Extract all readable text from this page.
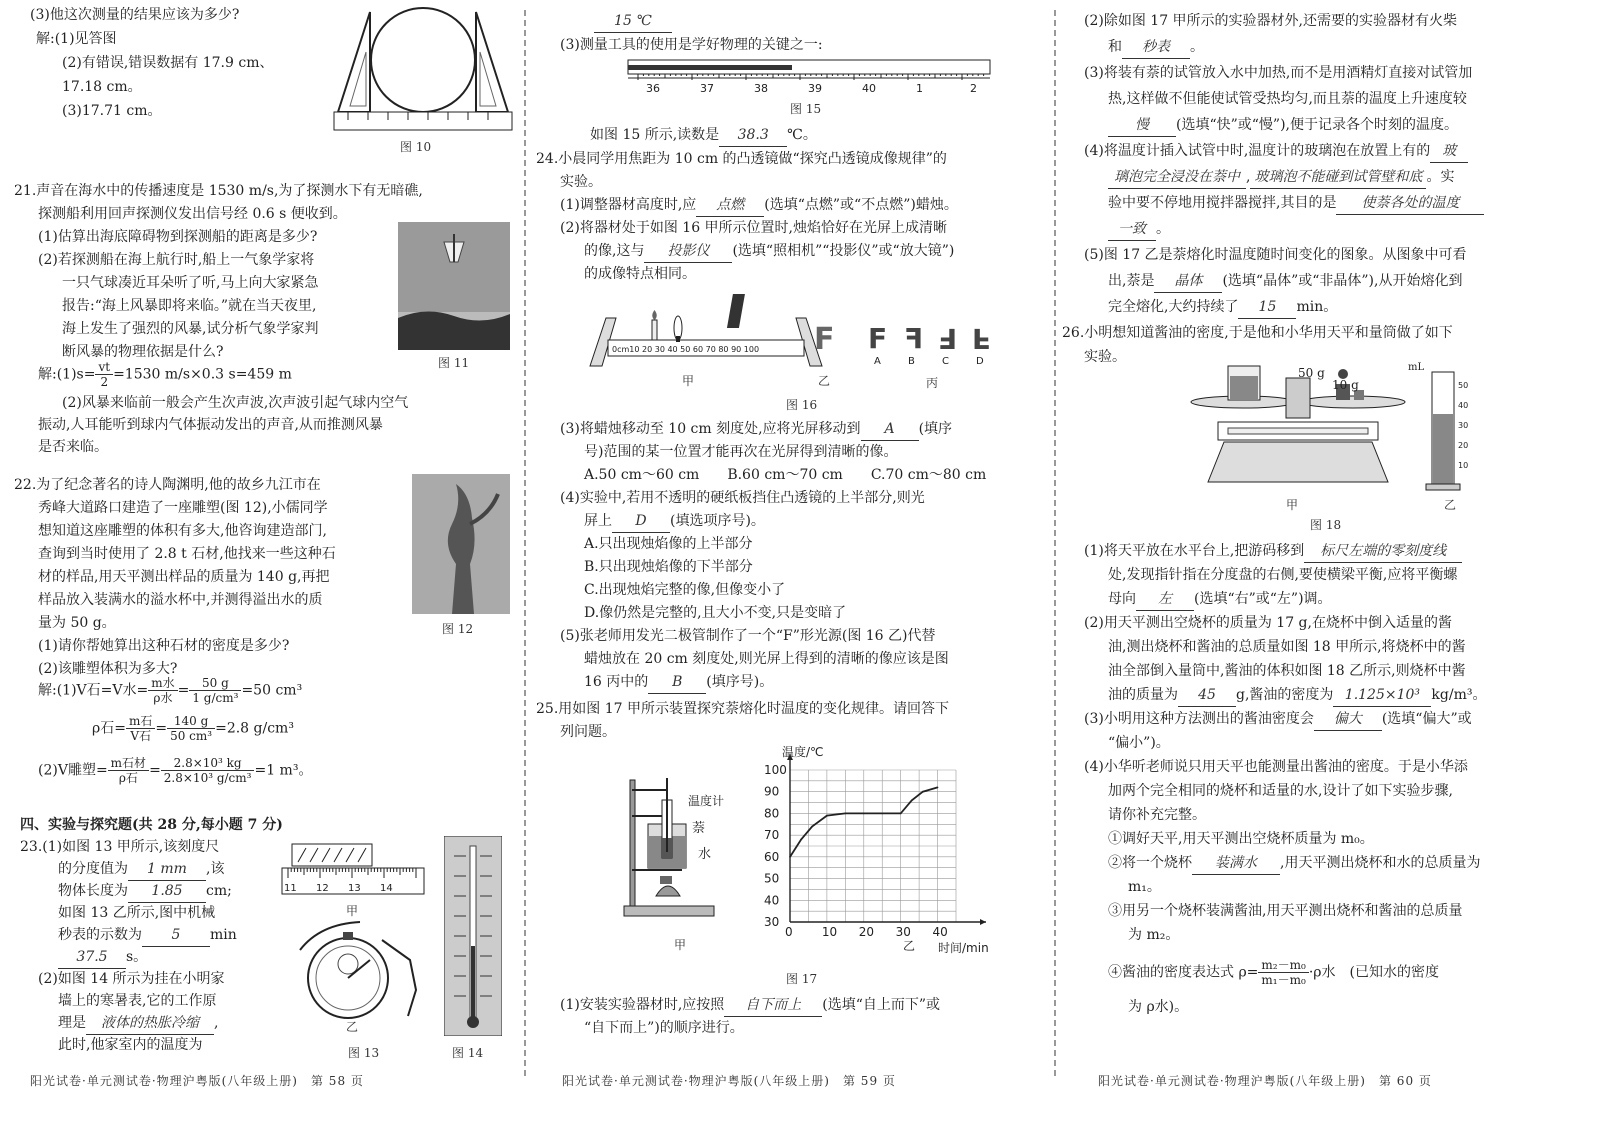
(3)他这次测量的结果应该为多少?
解:(1)见答图
(2)有错误,错误数据有 17.9 cm、
17.18 cm。
(3)17.71 cm。
图 10
21.声音在海水中的传播速度是 1530 m/s,为了探测水下有无暗礁,
探测船利用回声探测仪发出信号经 0.6 s 便收到。
(1)估算出海底障碍物到探测船的距离是多少?
(2)若探测船在海上航行时,船上一气象学家将
一只气球凑近耳朵听了听,马上向大家紧急
报告:“海上风暴即将来临。”就在当天夜里,
海上发生了强烈的风暴,试分析气象学家判
断风暴的物理依据是什么?
图 11
解:(1)s= $\frac{vt}{2} =1530$ m/s×0.3 s=459 m
(2)风暴来临前一般会产生次声波,次声波引起气球内空气
振动,人耳能听到球内气体振动发出的声音,从而推测风暴
是否来临。
22.为了纪念著名的诗人陶渊明,他的故乡九江市在
秀峰大道路口建造了一座雕塑(图 12),小儒同学
想知道这座雕塑的体积有多大,他咨询建造部门,
查询到当时使用了 2.8 t 石材,他找来一些这种石
材的样品,用天平测出样品的质量为 140 g,再把
样品放入装满水的溢水杯中,并测得溢出水的质
量为 50 g。
(1)请你帮她算出这种石材的密度是多少?
(2)该雕塑体积为多大?
图 12
解:(1)V石=V水= $\frac{\text{m水}}{\text{ρ水}} = \frac{50 g}{\text{1 g/cm³}} =50$ cm³
ρ石= $\frac{\text{m石}}{\text{V石}} = \frac{140 g}{\text{50 cm³}} =2.8$ g/cm³
(2)V雕塑= $\frac{\text{m石材}}{\text{ρ石}} = \frac{\text{2.8×10³ kg}}{\text{2.8×10³ g/cm³}} =1$ m³。
四、实验与探究题(共 28 分,每小题 7 分)
23.(1)如图 13 甲所示,该刻度尺
的分度值为 1 mm ,该
物体长度为 1.85 cm;
如图 13 乙所示,图中机械
秒表的示数为 5 min
37.5 s。
(2)如图 14 所示为挂在小明家
墙上的寒暑表,它的工作原
理是 液体的热胀冷缩 ,
此时,他家室内的温度为
11 12 13 14
甲
乙
图 13	图 14
阳光试卷·单元测试卷·物理沪粤版(八年级上册)　第 58 页
15 ℃
(3)测量工具的使用是学好物理的关键之一:
36	37	38	39	40	1	2
图 15
如图 15 所示,读数是 38.3 ℃。
24.小晨同学用焦距为 10 cm 的凸透镜做“探究凸透镜成像规律”的
实验。
(1)调整器材高度时,应 点燃 (选填“点燃”或“不点燃”)蜡烛。
(2)将器材处于如图 16 甲所示位置时,烛焰恰好在光屏上成清晰
的像,这与 投影仪 (选填“照相机”“投影仪”或“放大镜”)
的成像特点相同。
0cm10 20 30 40 50 60 70 80 90 100
甲
F
乙
F F F F
A	B	C	D
丙
图 16
(3)将蜡烛移动至 10 cm 刻度处,应将光屏移动到 A (填序
号)范围的某一位置才能再次在光屏得到清晰的像。
A.50 cm～60 cm　　B.60 cm～70 cm　　C.70 cm～80 cm
(4)实验中,若用不透明的硬纸板挡住凸透镜的上半部分,则光
屏上 D (填选项序号)。
A.只出现烛焰像的上半部分
B.只出现烛焰像的下半部分
C.出现烛焰完整的像,但像变小了
D.像仍然是完整的,且大小不变,只是变暗了
(5)张老师用发光二极管制作了一个“F”形光源(图 16 乙)代替
蜡烛放在 20 cm 刻度处,则光屏上得到的清晰的像应该是图
16 丙中的 B (填序号)。
25.用如图 17 甲所示装置探究萘熔化时温度的变化规律。请回答下
列问题。
温度计
萘
水
甲
0 10 20 30 40
30
40
50
60
70
80
90
100
温度/℃
时间/min
乙
图 17
(1)安装实验器材时,应按照 自下而上 (选填“自上而下”或
“自下而上”)的顺序进行。
阳光试卷·单元测试卷·物理沪粤版(八年级上册)　第 59 页
(2)除如图 17 甲所示的实验器材外,还需要的实验器材有火柴
和 秒表 。
(3)将装有萘的试管放入水中加热,而不是用酒精灯直接对试管加
热,这样做不但能使试管受热均匀,而且萘的温度上升速度较
慢 (选填“快”或“慢”),便于记录各个时刻的温度。
(4)将温度计插入试管中时,温度计的玻璃泡在放置上有的 玻
璃泡完全浸没在萘中 , 玻璃泡不能碰到试管壁和底 。实
验中要不停地用搅拌器搅拌,其目的是 使萘各处的温度
一致 。
(5)图 17 乙是萘熔化时温度随时间变化的图象。从图象中可看
出,萘是 晶体 (选填“晶体”或“非晶体”),从开始熔化到
完全熔化,大约持续了 15 min。
26.小明想知道酱油的密度,于是他和小华用天平和量筒做了如下
实验。
50 g
10 g
甲
50
40
30
20
10
mL
乙
图 18
(1)将天平放在水平台上,把游码移到 标尺左端的零刻度线
处,发现指针指在分度盘的右侧,要使横梁平衡,应将平衡螺
母向 左 (选填“右”或“左”)调。
(2)用天平测出空烧杯的质量为 17 g,在烧杯中倒入适量的酱
油,测出烧杯和酱油的总质量如图 18 甲所示,将烧杯中的酱
油全部倒入量筒中,酱油的体积如图 18 乙所示,则烧杯中酱
油的质量为 45 g,酱油的密度为 1.125×10³ kg/m³。
(3)小明用这种方法测出的酱油密度会 偏大 (选填“偏大”或
“偏小”)。
(4)小华听老师说只用天平也能测量出酱油的密度。于是小华添
加两个完全相同的烧杯和适量的水,设计了如下实验步骤,
请你补充完整。
①调好天平,用天平测出空烧杯质量为 m₀。
②将一个烧杯 装满水 ,用天平测出烧杯和水的总质量为
m₁。
③用另一个烧杯装满酱油,用天平测出烧杯和酱油的总质量
为 m₂。
④酱油的密度表达式 $\rho= \frac{\text{m₂－m₀}}{\text{m₁－m₀}} \cdot\rho$水　 (已知水的密度
为 ρ水)。
阳光试卷·单元测试卷·物理沪粤版(八年级上册)　第 60 页
